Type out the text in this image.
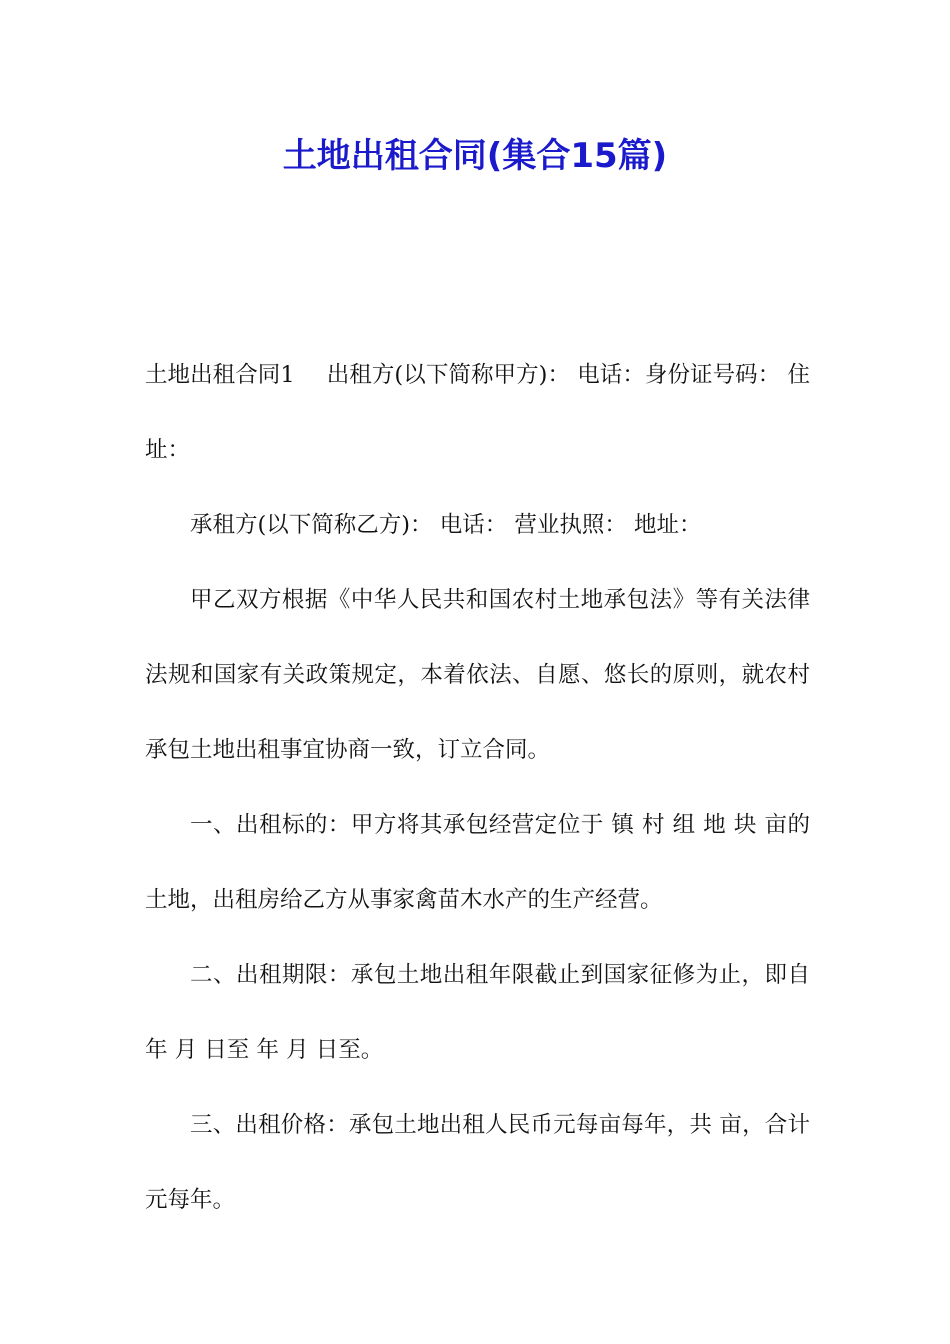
土地出租合同(集合15篇)

土地出租合同1 出租方(以下简称甲方)： 电话：身份证号码： 住址：

承租方(以下简称乙方)： 电话： 营业执照： 地址：

甲乙双方根据《中华人民共和国农村土地承包法》等有关法律法规和国家有关政策规定，本着依法、自愿、悠长的原则，就农村承包土地出租事宜协商一致，订立合同。

一、出租标的：甲方将其承包经营定位于 镇 村 组 地 块 亩的土地，出租房给乙方从事家禽苗木水产的生产经营。

二、出租期限：承包土地出租年限截止到国家征修为止，即自 年 月 日至 年 月 日至。

三、出租价格：承包土地出租人民币元每亩每年，共 亩，合计元每年。
